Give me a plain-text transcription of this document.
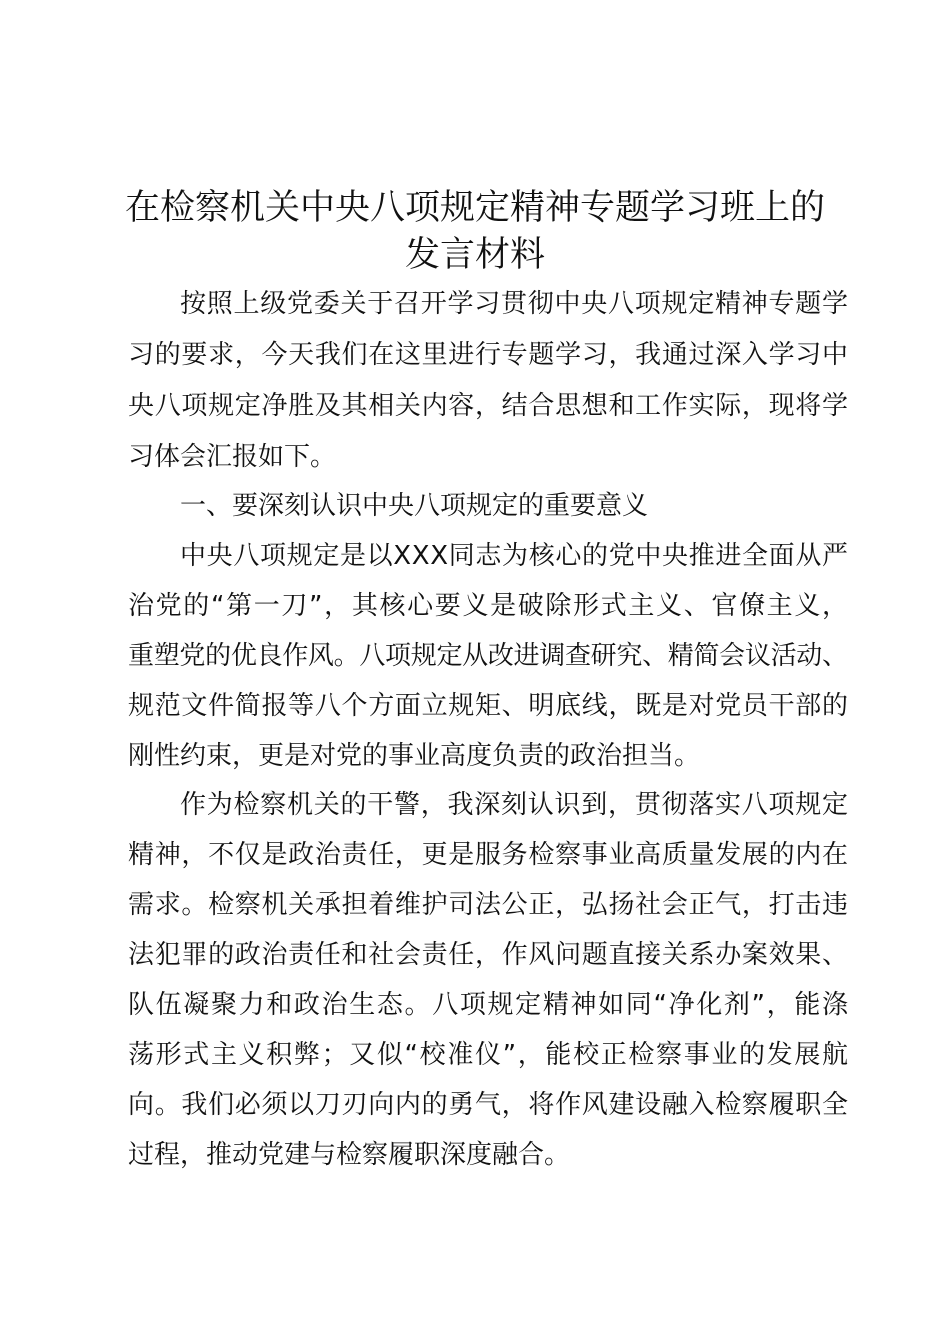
在检察机关中央八项规定精神专题学习班上的
发言材料
按照上级党委关于召开学习贯彻中央八项规定精神专题学
习的要求，今天我们在这里进行专题学习，我通过深入学习中
央八项规定净胜及其相关内容，结合思想和工作实际，现将学
习体会汇报如下。
一、要深刻认识中央八项规定的重要意义
中央八项规定是以XXX同志为核心的党中央推进全面从严
治党的“第一刀”，其核心要义是破除形式主义、官僚主义，
重塑党的优良作风。八项规定从改进调查研究、精简会议活动、
规范文件简报等八个方面立规矩、明底线，既是对党员干部的
刚性约束，更是对党的事业高度负责的政治担当。
作为检察机关的干警，我深刻认识到，贯彻落实八项规定
精神，不仅是政治责任，更是服务检察事业高质量发展的内在
需求。检察机关承担着维护司法公正，弘扬社会正气，打击违
法犯罪的政治责任和社会责任，作风问题直接关系办案效果、
队伍凝聚力和政治生态。八项规定精神如同“净化剂”，能涤
荡形式主义积弊；又似“校准仪”，能校正检察事业的发展航
向。我们必须以刀刃向内的勇气，将作风建设融入检察履职全
过程，推动党建与检察履职深度融合。
